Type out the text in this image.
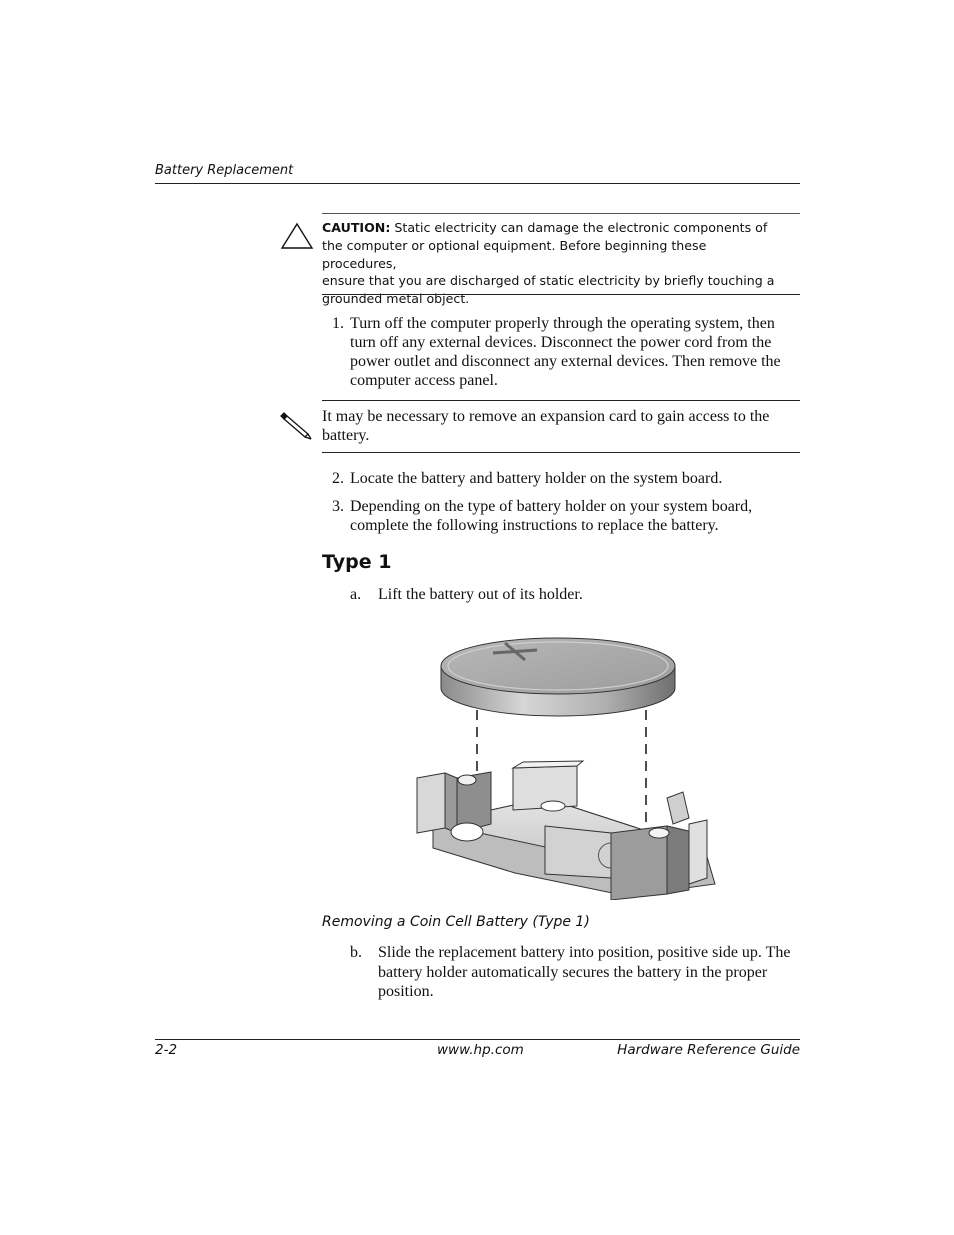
Battery Replacement
CAUTION: Static electricity can damage the electronic components of
the computer or optional equipment. Before beginning these procedures,
ensure that you are discharged of static electricity by briefly touching a
grounded metal object.
1. Turn off the computer properly through the operating system, then turn off any external devices. Disconnect the power cord from the power outlet and disconnect any external devices. Then remove the computer access panel.
It may be necessary to remove an expansion card to gain access to the battery.
2. Locate the battery and battery holder on the system board.
3. Depending on the type of battery holder on your system board, complete the following instructions to replace the battery.
Type 1
a. Lift the battery out of its holder.
Removing a Coin Cell Battery (Type 1)
b. Slide the replacement battery into position, positive side up. The battery holder automatically secures the battery in the proper position.
2-2	www.hp.com	Hardware Reference Guide
